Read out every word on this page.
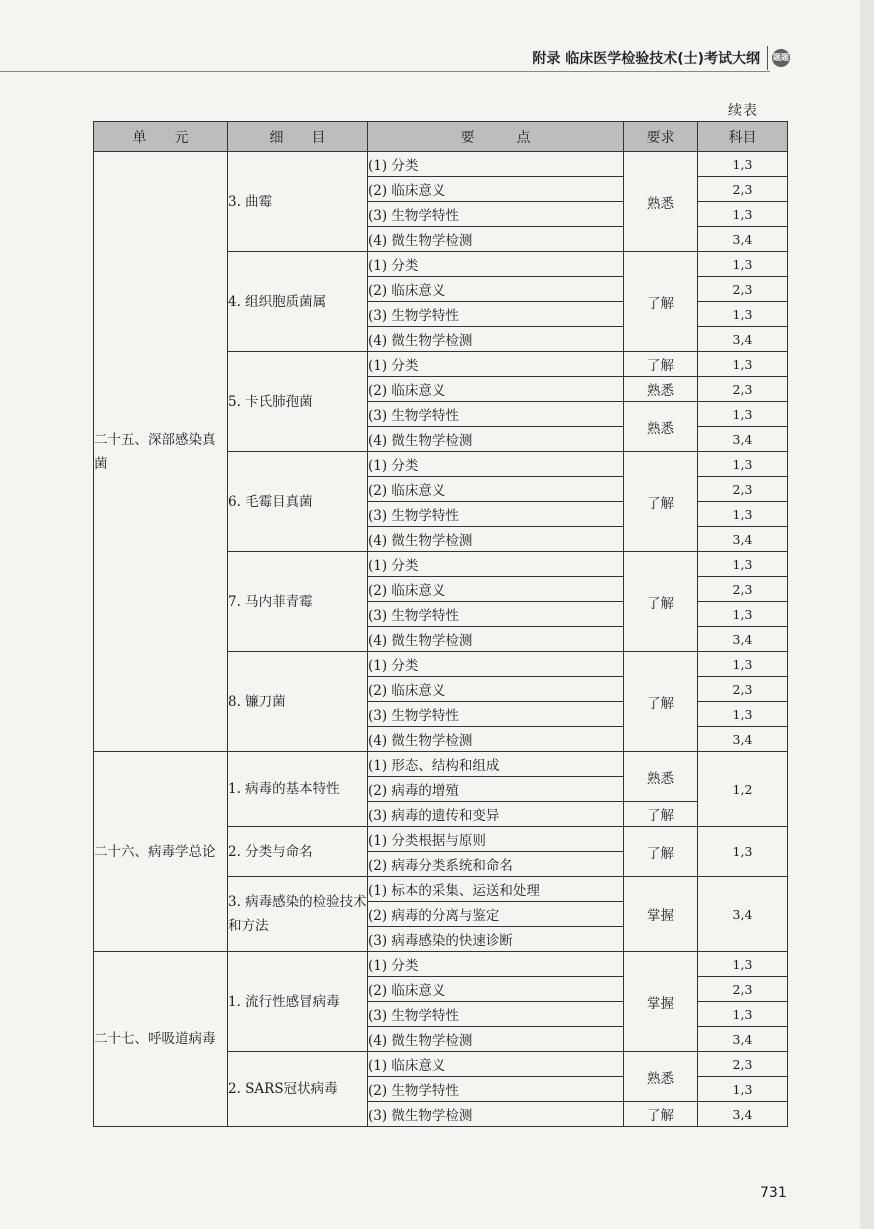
附录 临床医学检验技术(士)考试大纲 题题
续表
单　　元	细　　目	要　　　点	要求	科目
二十五、深部感染真菌	3. 曲霉	(1) 分类	熟悉	1,3
		(2) 临床意义		2,3
		(3) 生物学特性		1,3
		(4) 微生物学检测		3,4
	4. 组织胞质菌属	(1) 分类	了解	1,3
		(2) 临床意义		2,3
		(3) 生物学特性		1,3
		(4) 微生物学检测		3,4
	5. 卡氏肺孢菌	(1) 分类	了解	1,3
		(2) 临床意义	熟悉	2,3
		(3) 生物学特性	熟悉	1,3
		(4) 微生物学检测		3,4
	6. 毛霉目真菌	(1) 分类	了解	1,3
		(2) 临床意义		2,3
		(3) 生物学特性		1,3
		(4) 微生物学检测		3,4
	7. 马内菲青霉	(1) 分类	了解	1,3
		(2) 临床意义		2,3
		(3) 生物学特性		1,3
		(4) 微生物学检测		3,4
	8. 镰刀菌	(1) 分类	了解	1,3
		(2) 临床意义		2,3
		(3) 生物学特性		1,3
		(4) 微生物学检测		3,4
二十六、病毒学总论	1. 病毒的基本特性	(1) 形态、结构和组成	熟悉	1,2
		(2) 病毒的增殖		
		(3) 病毒的遗传和变异	了解	
	2. 分类与命名	(1) 分类根据与原则	了解	1,3
		(2) 病毒分类系统和命名		
	3. 病毒感染的检验技术和方法	(1) 标本的采集、运送和处理	掌握	3,4
		(2) 病毒的分离与鉴定		
		(3) 病毒感染的快速诊断		
二十七、呼吸道病毒	1. 流行性感冒病毒	(1) 分类	掌握	1,3
		(2) 临床意义		2,3
		(3) 生物学特性		1,3
		(4) 微生物学检测		3,4
	2. SARS冠状病毒	(1) 临床意义	熟悉	2,3
		(2) 生物学特性		1,3
		(3) 微生物学检测	了解	3,4
731
